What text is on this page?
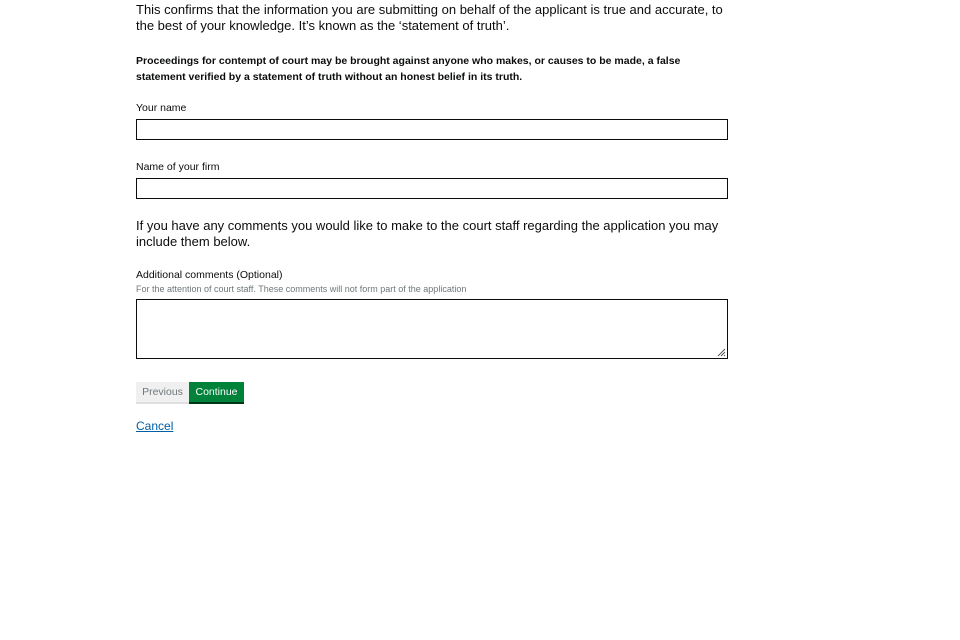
This confirms that the information you are submitting on behalf of the applicant is true and accurate, to the best of your knowledge. It’s known as the ‘statement of truth’.

Proceedings for contempt of court may be brought against anyone who makes, or causes to be made, a false statement verified by a statement of truth without an honest belief in its truth.

Your name
Name of your firm

If you have any comments you would like to make to the court staff regarding the application you may include them below.

Additional comments (Optional)

For the attention of court staff. These comments will not form part of the application

Previous	Continue
Cancel
